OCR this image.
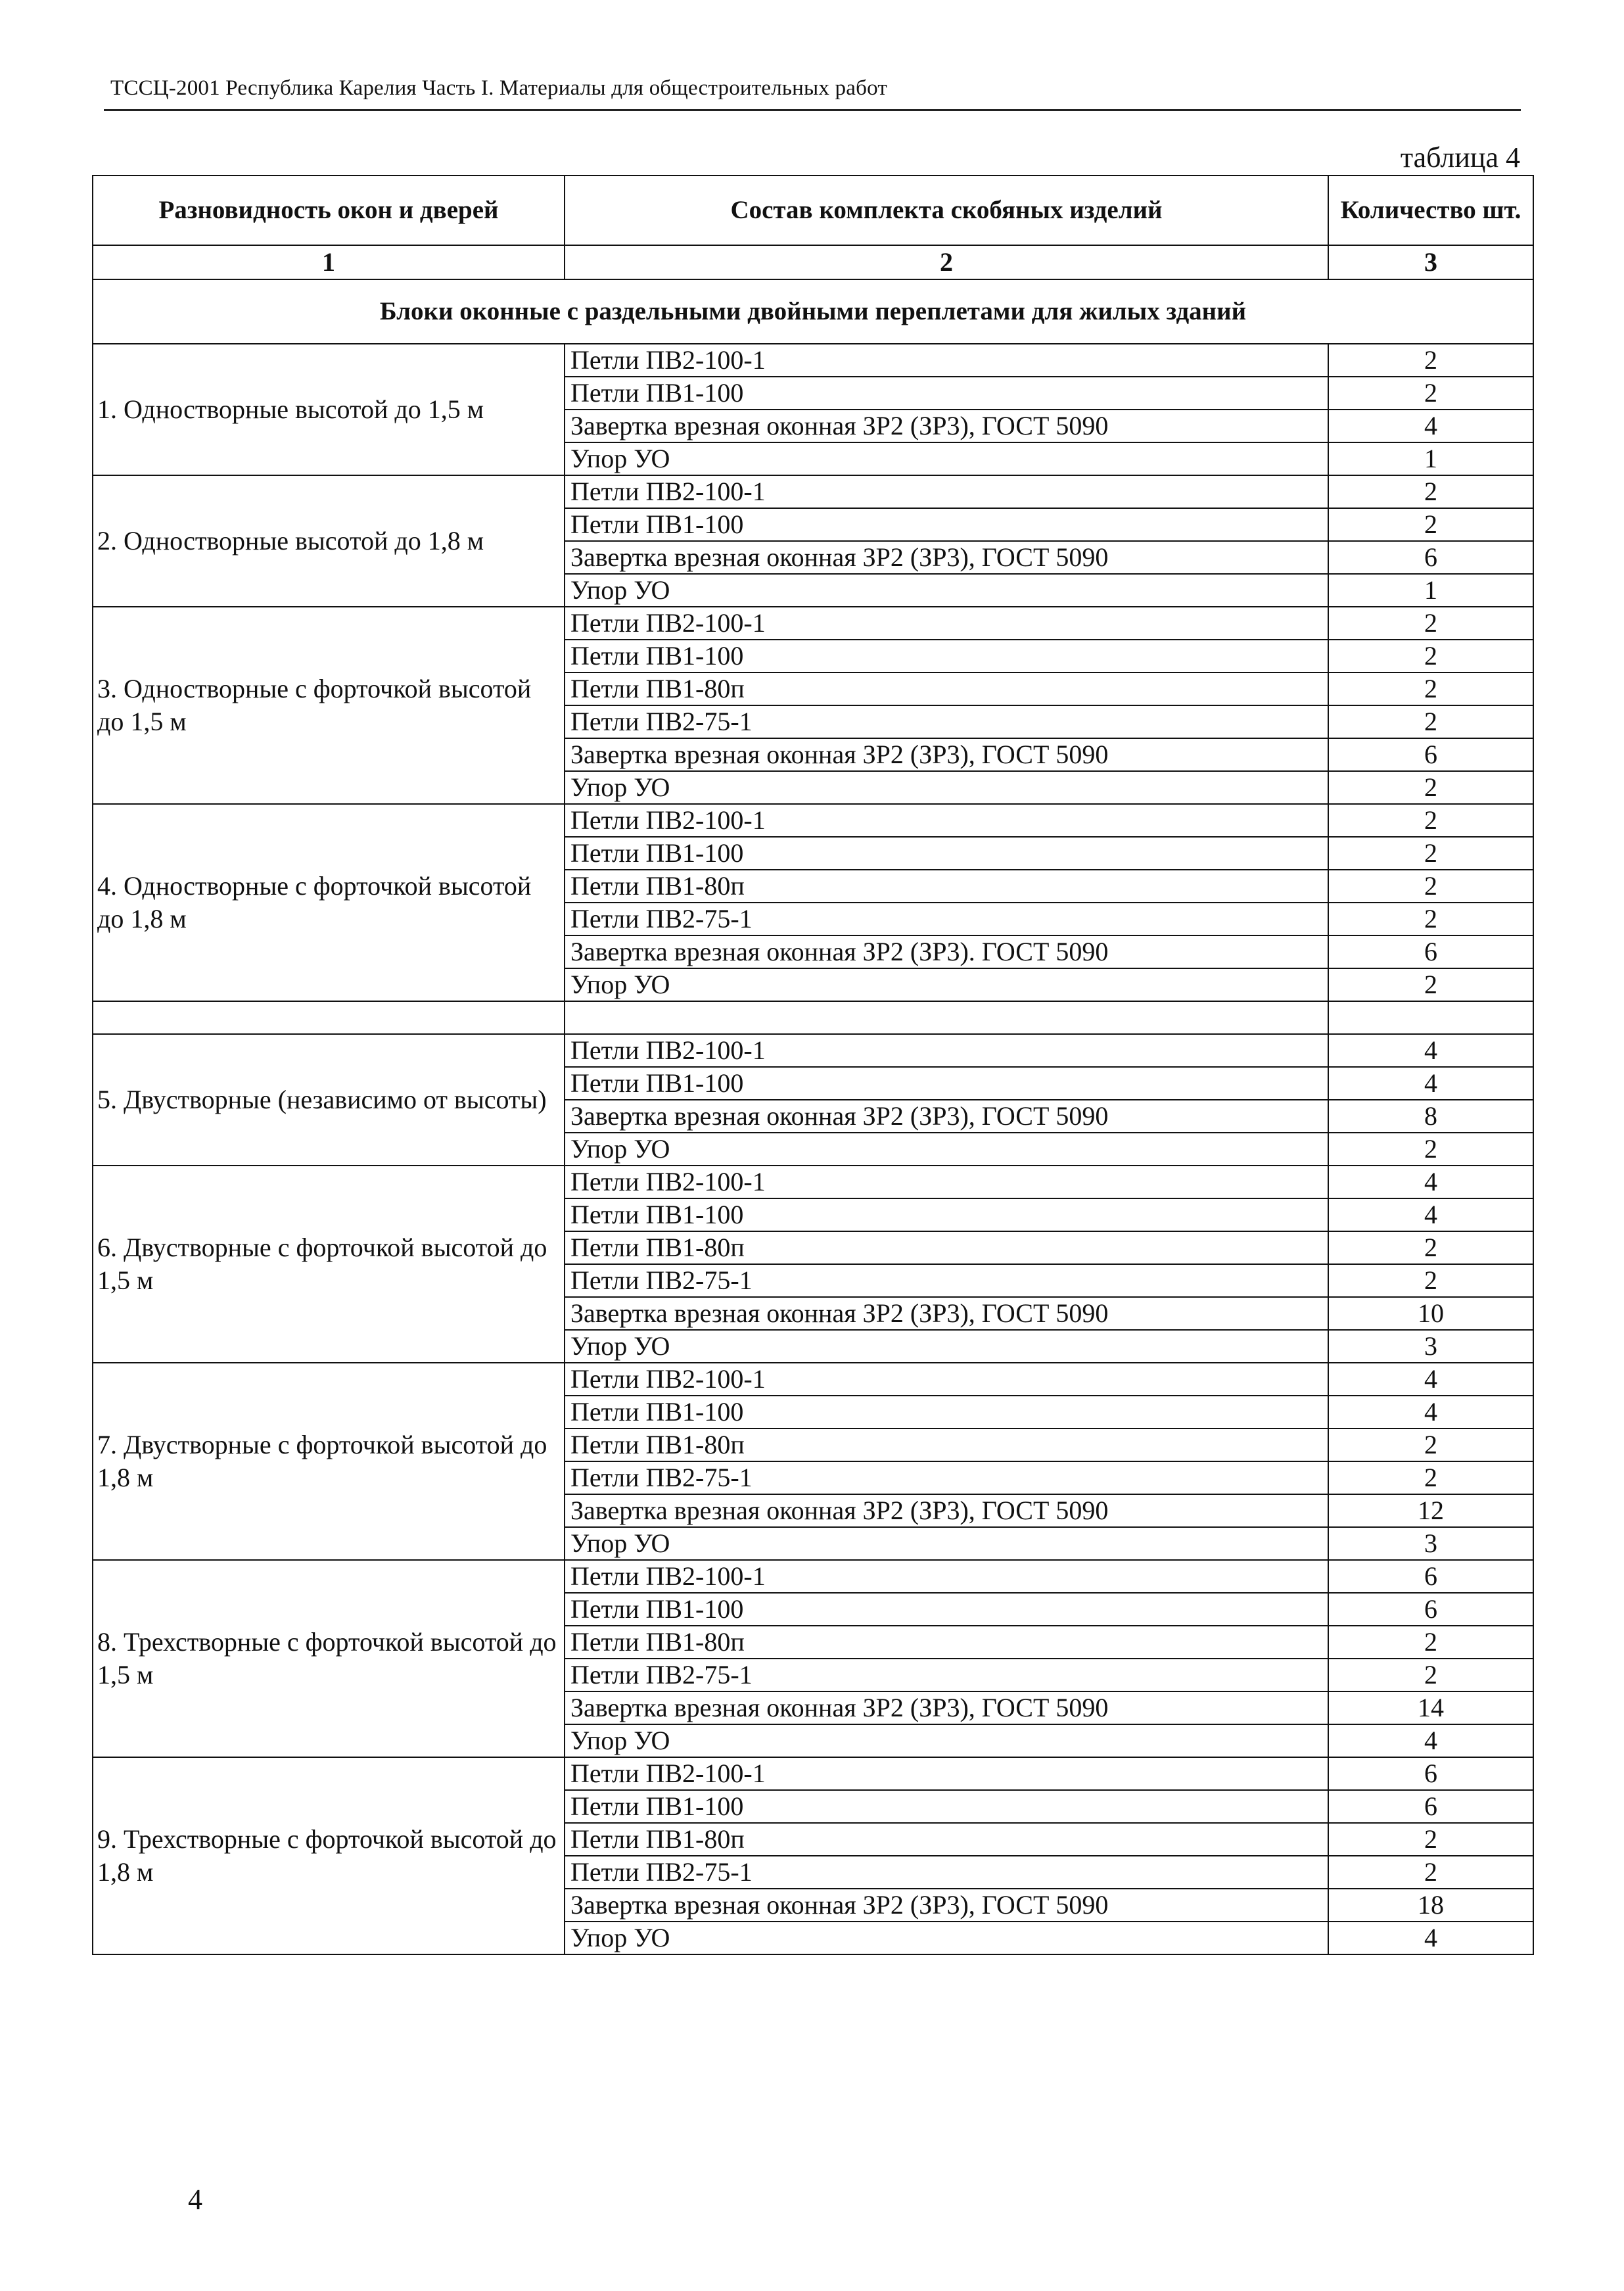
ТССЦ-2001 Республика Карелия Часть I. Материалы для общестроительных работ
таблица 4
Разновидность окон и дверей	Состав комплекта скобяных изделий	Количество шт.
1	2	3
Блоки оконные с раздельными двойными переплетами для жилых зданий		
1. Одностворные высотой до 1,5 м	Петли ПВ2-100-1	2
	Петли ПВ1-100	2
	Завертка врезная оконная ЗР2 (ЗР3), ГОСТ 5090	4
	Упор УО	1
2. Одностворные высотой до 1,8 м	Петли ПВ2-100-1	2
	Петли ПВ1-100	2
	Завертка врезная оконная ЗР2 (ЗР3), ГОСТ 5090	6
	Упор УО	1
3. Одностворные с форточкой высотой до 1,5 м	Петли ПВ2-100-1	2
	Петли ПВ1-100	2
	Петли ПВ1-80п	2
	Петли ПВ2-75-1	2
	Завертка врезная оконная ЗР2 (ЗР3), ГОСТ 5090	6
	Упор УО	2
4. Одностворные с форточкой высотой до 1,8 м	Петли ПВ2-100-1	2
	Петли ПВ1-100	2
	Петли ПВ1-80п	2
	Петли ПВ2-75-1	2
	Завертка врезная оконная ЗР2 (ЗР3). ГОСТ 5090	6
	Упор УО	2

5. Двустворные (независимо от высоты)	Петли ПВ2-100-1	4
	Петли ПВ1-100	4
	Завертка врезная оконная ЗР2 (ЗР3), ГОСТ 5090	8
	Упор УО	2
6. Двустворные с форточкой высотой до 1,5 м	Петли ПВ2-100-1	4
	Петли ПВ1-100	4
	Петли ПВ1-80п	2
	Петли ПВ2-75-1	2
	Завертка врезная оконная ЗР2 (ЗР3), ГОСТ 5090	10
	Упор УО	3
7. Двустворные с форточкой высотой до 1,8 м	Петли ПВ2-100-1	4
	Петли ПВ1-100	4
	Петли ПВ1-80п	2
	Петли ПВ2-75-1	2
	Завертка врезная оконная ЗР2 (ЗР3), ГОСТ 5090	12
	Упор УО	3
8. Трехстворные с форточкой высотой до 1,5 м	Петли ПВ2-100-1	6
	Петли ПВ1-100	6
	Петли ПВ1-80п	2
	Петли ПВ2-75-1	2
	Завертка врезная оконная ЗР2 (ЗР3), ГОСТ 5090	14
	Упор УО	4
9. Трехстворные с форточкой высотой до 1,8 м	Петли ПВ2-100-1	6
	Петли ПВ1-100	6
	Петли ПВ1-80п	2
	Петли ПВ2-75-1	2
	Завертка врезная оконная ЗР2 (ЗР3), ГОСТ 5090	18
	Упор УО	4
4
